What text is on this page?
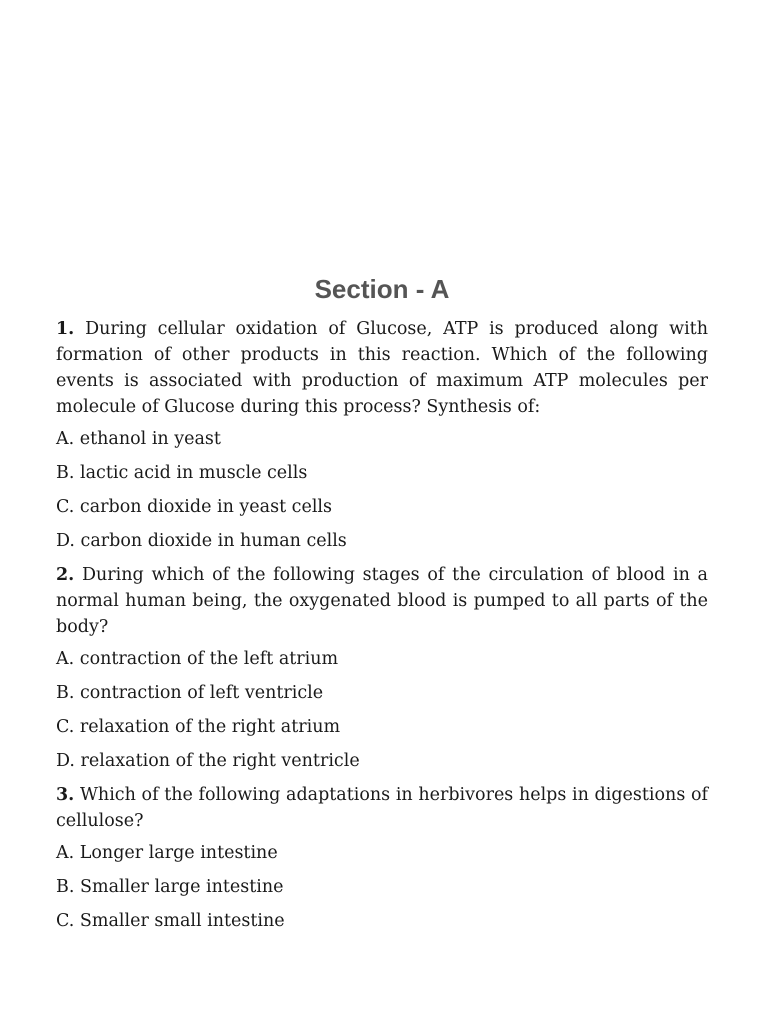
Section - A
1. During cellular oxidation of Glucose, ATP is produced along with formation of other products in this reaction. Which of the following events is associated with production of maximum ATP molecules per molecule of Glucose during this process? Synthesis of:
A. ethanol in yeast
B. lactic acid in muscle cells
C. carbon dioxide in yeast cells
D. carbon dioxide in human cells
2. During which of the following stages of the circulation of blood in a normal human being, the oxygenated blood is pumped to all parts of the body?
A. contraction of the left atrium
B. contraction of left ventricle
C. relaxation of the right atrium
D. relaxation of the right ventricle
3. Which of the following adaptations in herbivores helps in digestions of cellulose?
A. Longer large intestine
B. Smaller large intestine
C. Smaller small intestine
